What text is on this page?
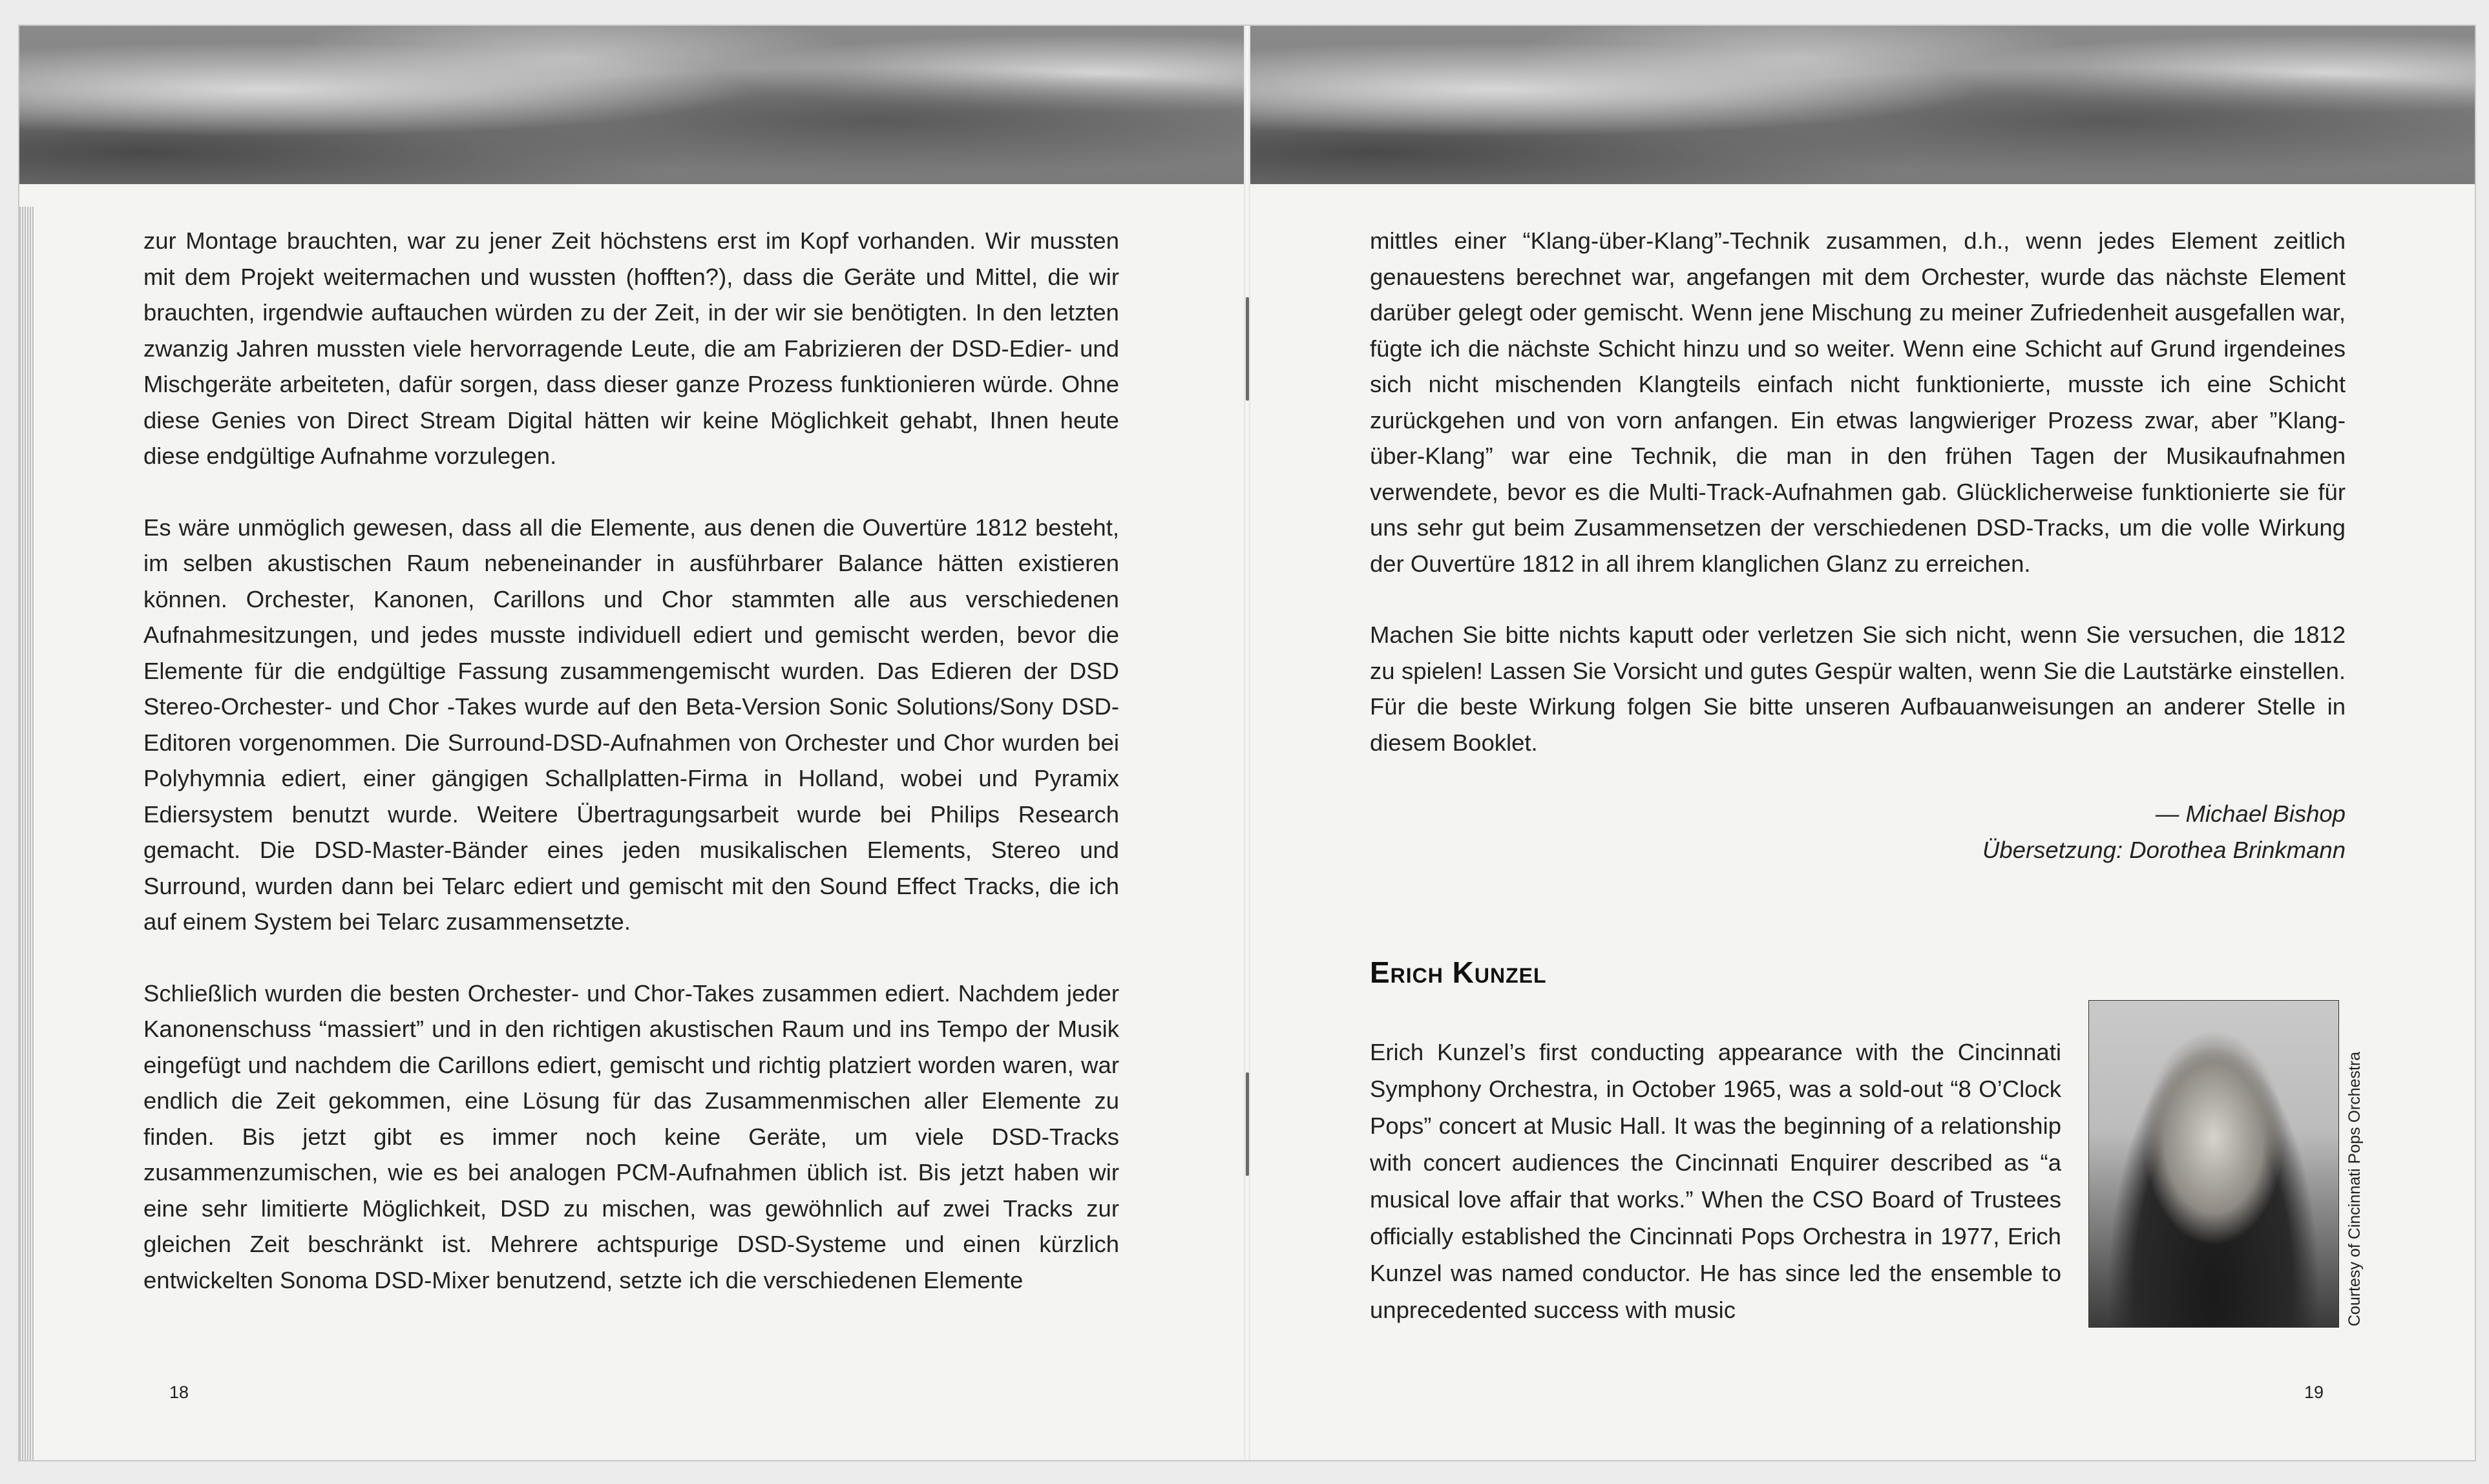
zur Montage brauchten, war zu jener Zeit höchstens erst im Kopf vorhanden. Wir mussten mit dem Projekt weitermachen und wussten (hofften?), dass die Geräte und Mittel, die wir brauchten, irgendwie auftauchen würden zu der Zeit, in der wir sie benötigten. In den letzten zwanzig Jahren mussten viele hervorragende Leute, die am Fabrizieren der DSD-Edier- und Mischgeräte arbeiteten, dafür sorgen, dass dieser ganze Prozess funktionieren würde. Ohne diese Genies von Direct Stream Digital hätten wir keine Möglichkeit gehabt, Ihnen heute diese endgültige Aufnahme vorzulegen.

Es wäre unmöglich gewesen, dass all die Elemente, aus denen die Ouvertüre 1812 besteht, im selben akustischen Raum nebeneinander in ausführbarer Balance hätten existieren können. Orchester, Kanonen, Carillons und Chor stammten alle aus verschiedenen Aufnahmesitzungen, und jedes musste individuell ediert und gemischt werden, bevor die Elemente für die endgültige Fassung zusammengemischt wurden. Das Edieren der DSD Stereo-Orchester- und Chor -Takes wurde auf den Beta-Version Sonic Solutions/Sony DSD-Editoren vorgenommen. Die Surround-DSD-Aufnahmen von Orchester und Chor wurden bei Polyhymnia ediert, einer gängigen Schallplatten-Firma in Holland, wobei und Pyramix Ediersystem benutzt wurde. Weitere Übertragungsarbeit wurde bei Philips Research gemacht. Die DSD-Master-Bänder eines jeden musikalischen Elements, Stereo und Surround, wurden dann bei Telarc ediert und gemischt mit den Sound Effect Tracks, die ich auf einem System bei Telarc zusammensetzte.

Schließlich wurden die besten Orchester- und Chor-Takes zusammen ediert. Nachdem jeder Kanonenschuss “massiert” und in den richtigen akustischen Raum und ins Tempo der Musik eingefügt und nachdem die Carillons ediert, gemischt und richtig platziert worden waren, war endlich die Zeit gekommen, eine Lösung für das Zusammenmischen aller Elemente zu finden. Bis jetzt gibt es immer noch keine Geräte, um viele DSD-Tracks zusammenzumischen, wie es bei analogen PCM-Aufnahmen üblich ist. Bis jetzt haben wir eine sehr limitierte Möglichkeit, DSD zu mischen, was gewöhnlich auf zwei Tracks zur gleichen Zeit beschränkt ist. Mehrere achtspurige DSD-Systeme und einen kürzlich entwickelten Sonoma DSD-Mixer benutzend, setzte ich die verschiedenen Elemente

mittles einer “Klang-über-Klang”-Technik zusammen, d.h., wenn jedes Element zeitlich genauestens berechnet war, angefangen mit dem Orchester, wurde das nächste Element darüber gelegt oder gemischt. Wenn jene Mischung zu meiner Zufriedenheit ausgefallen war, fügte ich die nächste Schicht hinzu und so weiter. Wenn eine Schicht auf Grund irgendeines sich nicht mischenden Klangteils einfach nicht funktionierte, musste ich eine Schicht zurückgehen und von vorn anfangen. Ein etwas langwieriger Prozess zwar, aber ”Klang-über-Klang” war eine Technik, die man in den frühen Tagen der Musikaufnahmen verwendete, bevor es die Multi-Track-Aufnahmen gab. Glücklicherweise funktionierte sie für uns sehr gut beim Zusammensetzen der verschiedenen DSD-Tracks, um die volle Wirkung der Ouvertüre 1812 in all ihrem klanglichen Glanz zu erreichen.

Machen Sie bitte nichts kaputt oder verletzen Sie sich nicht, wenn Sie versuchen, die 1812 zu spielen! Lassen Sie Vorsicht und gutes Gespür walten, wenn Sie die Lautstärke einstellen. Für die beste Wirkung folgen Sie bitte unseren Aufbauanweisungen an anderer Stelle in diesem Booklet.

— Michael Bishop

Übersetzung: Dorothea Brinkmann

Erich Kunzel

Erich Kunzel’s first conducting appearance with the Cincinnati Symphony Orchestra, in October 1965, was a sold-out “8 O’Clock Pops” concert at Music Hall. It was the beginning of a relationship with concert audiences the Cincinnati Enquirer described as “a musical love affair that works.” When the CSO Board of Trustees officially established the Cincinnati Pops Orchestra in 1977, Erich Kunzel was named conductor. He has since led the ensemble to unprecedented success with music	Courtesy of Cincinnati Pops Orchestra
18	19
